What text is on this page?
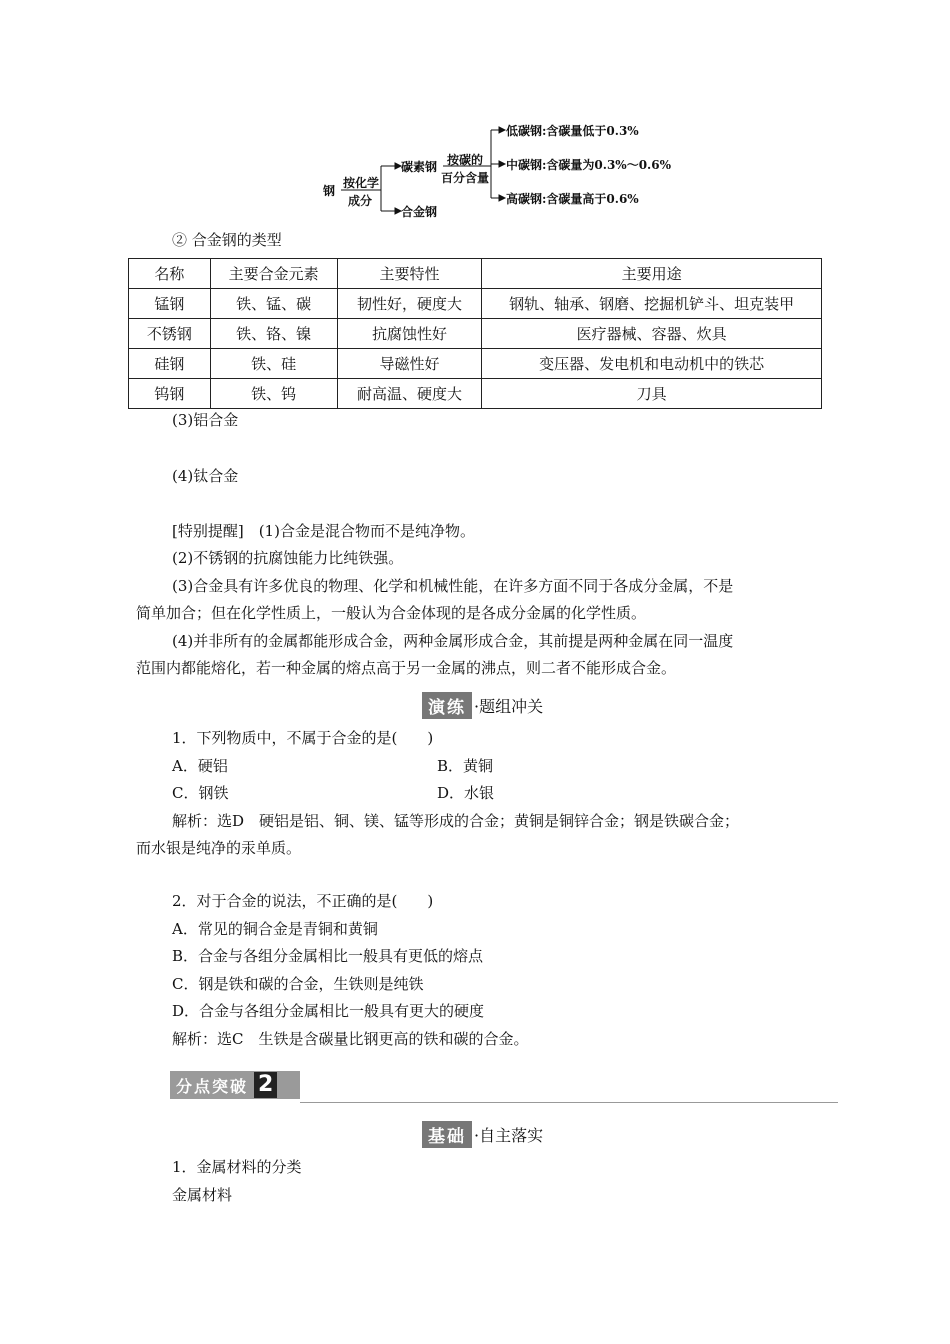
钢
按化学
成分
碳素钢
合金钢
按碳的
百分含量
低碳钢:含碳量低于0.3%
中碳钢:含碳量为0.3%～0.6%
高碳钢:含碳量高于0.6%
② 合金钢的类型
名称	主要合金元素	主要特性	主要用途
锰钢	铁、锰、碳	韧性好，硬度大	钢轨、轴承、钢磨、挖掘机铲斗、坦克装甲
不锈钢	铁、铬、镍	抗腐蚀性好	医疗器械、容器、炊具
硅钢	铁、硅	导磁性好	变压器、发电机和电动机中的铁芯
钨钢	铁、钨	耐高温、硬度大	刀具
(3)铝合金
(4)钛合金
[特别提醒]　(1)合金是混合物而不是纯净物。
(2)不锈钢的抗腐蚀能力比纯铁强。
(3)合金具有许多优良的物理、化学和机械性能，在许多方面不同于各成分金属，不是
简单加合；但在化学性质上，一般认为合金体现的是各成分金属的化学性质。
(4)并非所有的金属都能形成合金，两种金属形成合金，其前提是两种金属在同一温度
范围内都能熔化，若一种金属的熔点高于另一金属的沸点，则二者不能形成合金。
演练 ·题组冲关
1．下列物质中，不属于合金的是(　　)
A．硬铝	B．黄铜
C．钢铁	D．水银
解析：选D　硬铝是铝、铜、镁、锰等形成的合金；黄铜是铜锌合金；钢是铁碳合金；
而水银是纯净的汞单质。
2．对于合金的说法，不正确的是(　　)
A．常见的铜合金是青铜和黄铜
B．合金与各组分金属相比一般具有更低的熔点
C．钢是铁和碳的合金，生铁则是纯铁
D．合金与各组分金属相比一般具有更大的硬度
解析：选C　生铁是含碳量比钢更高的铁和碳的合金。
分点突破 2
基础 ·自主落实
1．金属材料的分类
金属材料
